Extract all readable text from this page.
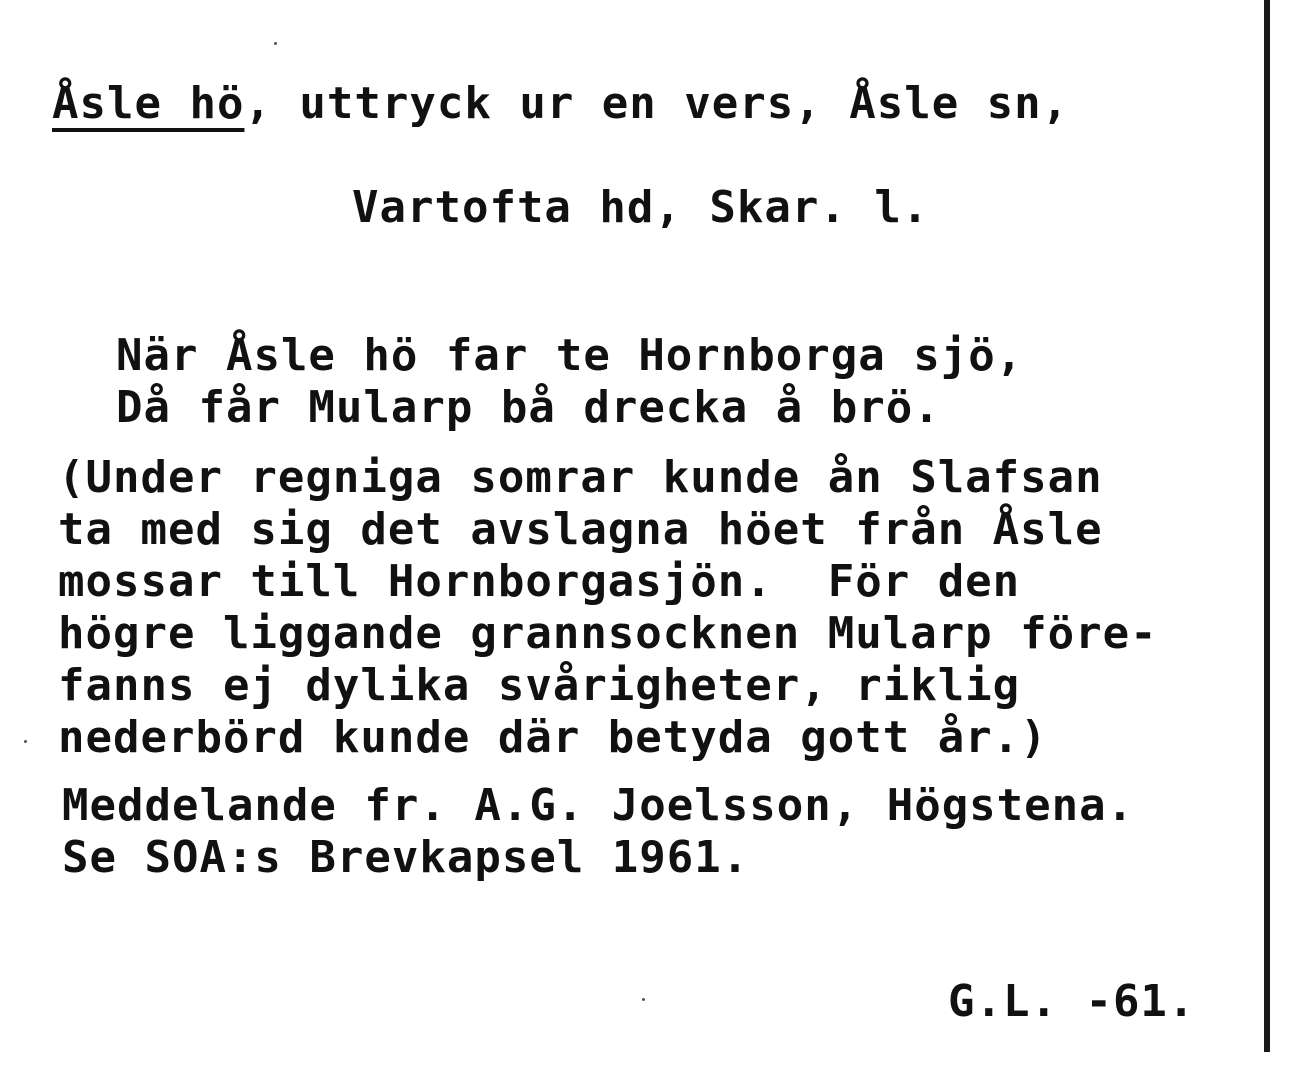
Åsle hö, uttryck ur en vers, Åsle sn,
Vartofta hd, Skar. l.
När Åsle hö far te Hornborga sjö,
Då får Mularp bå drecka å brö.
(Under regniga somrar kunde ån Slafsan
ta med sig det avslagna höet från Åsle
mossar till Hornborgasjön.  För den
högre liggande grannsocknen Mularp före-
fanns ej dylika svårigheter, riklig
nederbörd kunde där betyda gott år.)
Meddelande fr. A.G. Joelsson, Högstena.
Se SOA:s Brevkapsel 1961.
G.L. -61.
